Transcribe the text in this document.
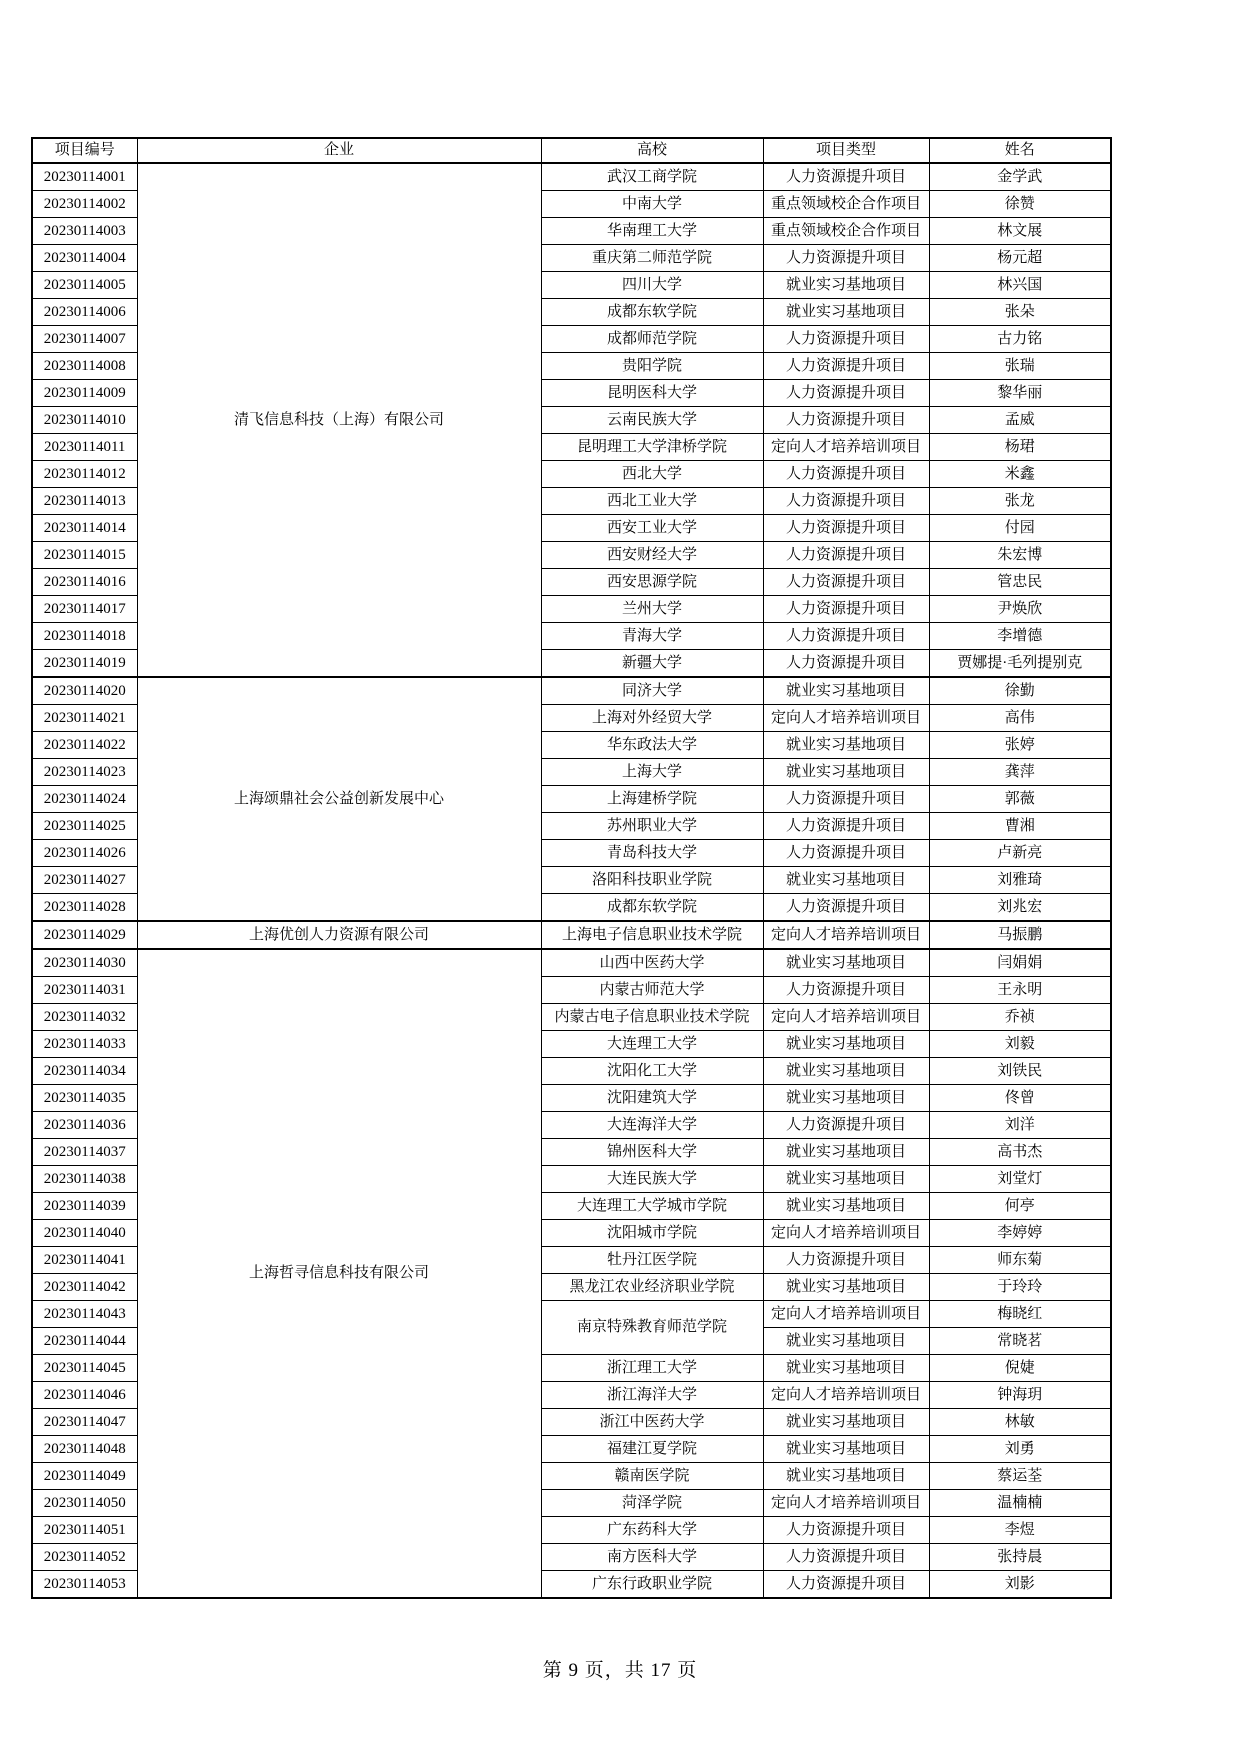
项目编号	企业	高校	项目类型	姓名
20230114001	清飞信息科技（上海）有限公司	武汉工商学院	人力资源提升项目	金学武
20230114002		中南大学	重点领域校企合作项目	徐赞
20230114003		华南理工大学	重点领域校企合作项目	林文展
20230114004		重庆第二师范学院	人力资源提升项目	杨元超
20230114005		四川大学	就业实习基地项目	林兴国
20230114006		成都东软学院	就业实习基地项目	张朵
20230114007		成都师范学院	人力资源提升项目	古力铭
20230114008		贵阳学院	人力资源提升项目	张瑞
20230114009		昆明医科大学	人力资源提升项目	黎华丽
20230114010		云南民族大学	人力资源提升项目	孟威
20230114011		昆明理工大学津桥学院	定向人才培养培训项目	杨珺
20230114012		西北大学	人力资源提升项目	米鑫
20230114013		西北工业大学	人力资源提升项目	张龙
20230114014		西安工业大学	人力资源提升项目	付园
20230114015		西安财经大学	人力资源提升项目	朱宏博
20230114016		西安思源学院	人力资源提升项目	管忠民
20230114017		兰州大学	人力资源提升项目	尹焕欣
20230114018		青海大学	人力资源提升项目	李增德
20230114019		新疆大学	人力资源提升项目	贾娜提·毛列提别克
20230114020	上海颂鼎社会公益创新发展中心	同济大学	就业实习基地项目	徐勤
20230114021		上海对外经贸大学	定向人才培养培训项目	高伟
20230114022		华东政法大学	就业实习基地项目	张婷
20230114023		上海大学	就业实习基地项目	龚萍
20230114024		上海建桥学院	人力资源提升项目	郭薇
20230114025		苏州职业大学	人力资源提升项目	曹湘
20230114026		青岛科技大学	人力资源提升项目	卢新亮
20230114027		洛阳科技职业学院	就业实习基地项目	刘雅琦
20230114028		成都东软学院	人力资源提升项目	刘兆宏
20230114029	上海优创人力资源有限公司	上海电子信息职业技术学院	定向人才培养培训项目	马振鹏
20230114030	上海哲寻信息科技有限公司	山西中医药大学	就业实习基地项目	闫娟娟
20230114031		内蒙古师范大学	人力资源提升项目	王永明
20230114032		内蒙古电子信息职业技术学院	定向人才培养培训项目	乔祯
20230114033		大连理工大学	就业实习基地项目	刘毅
20230114034		沈阳化工大学	就业实习基地项目	刘铁民
20230114035		沈阳建筑大学	就业实习基地项目	佟曾
20230114036		大连海洋大学	人力资源提升项目	刘洋
20230114037		锦州医科大学	就业实习基地项目	高书杰
20230114038		大连民族大学	就业实习基地项目	刘堂灯
20230114039		大连理工大学城市学院	就业实习基地项目	何亭
20230114040		沈阳城市学院	定向人才培养培训项目	李婷婷
20230114041		牡丹江医学院	人力资源提升项目	师东菊
20230114042		黑龙江农业经济职业学院	就业实习基地项目	于玲玲
20230114043		南京特殊教育师范学院	定向人才培养培训项目	梅晓红
20230114044			就业实习基地项目	常晓茗
20230114045		浙江理工大学	就业实习基地项目	倪婕
20230114046		浙江海洋大学	定向人才培养培训项目	钟海玥
20230114047		浙江中医药大学	就业实习基地项目	林敏
20230114048		福建江夏学院	就业实习基地项目	刘勇
20230114049		赣南医学院	就业实习基地项目	蔡运荃
20230114050		菏泽学院	定向人才培养培训项目	温楠楠
20230114051		广东药科大学	人力资源提升项目	李煜
20230114052		南方医科大学	人力资源提升项目	张持晨
20230114053		广东行政职业学院	人力资源提升项目	刘影
第 9 页，共 17 页
